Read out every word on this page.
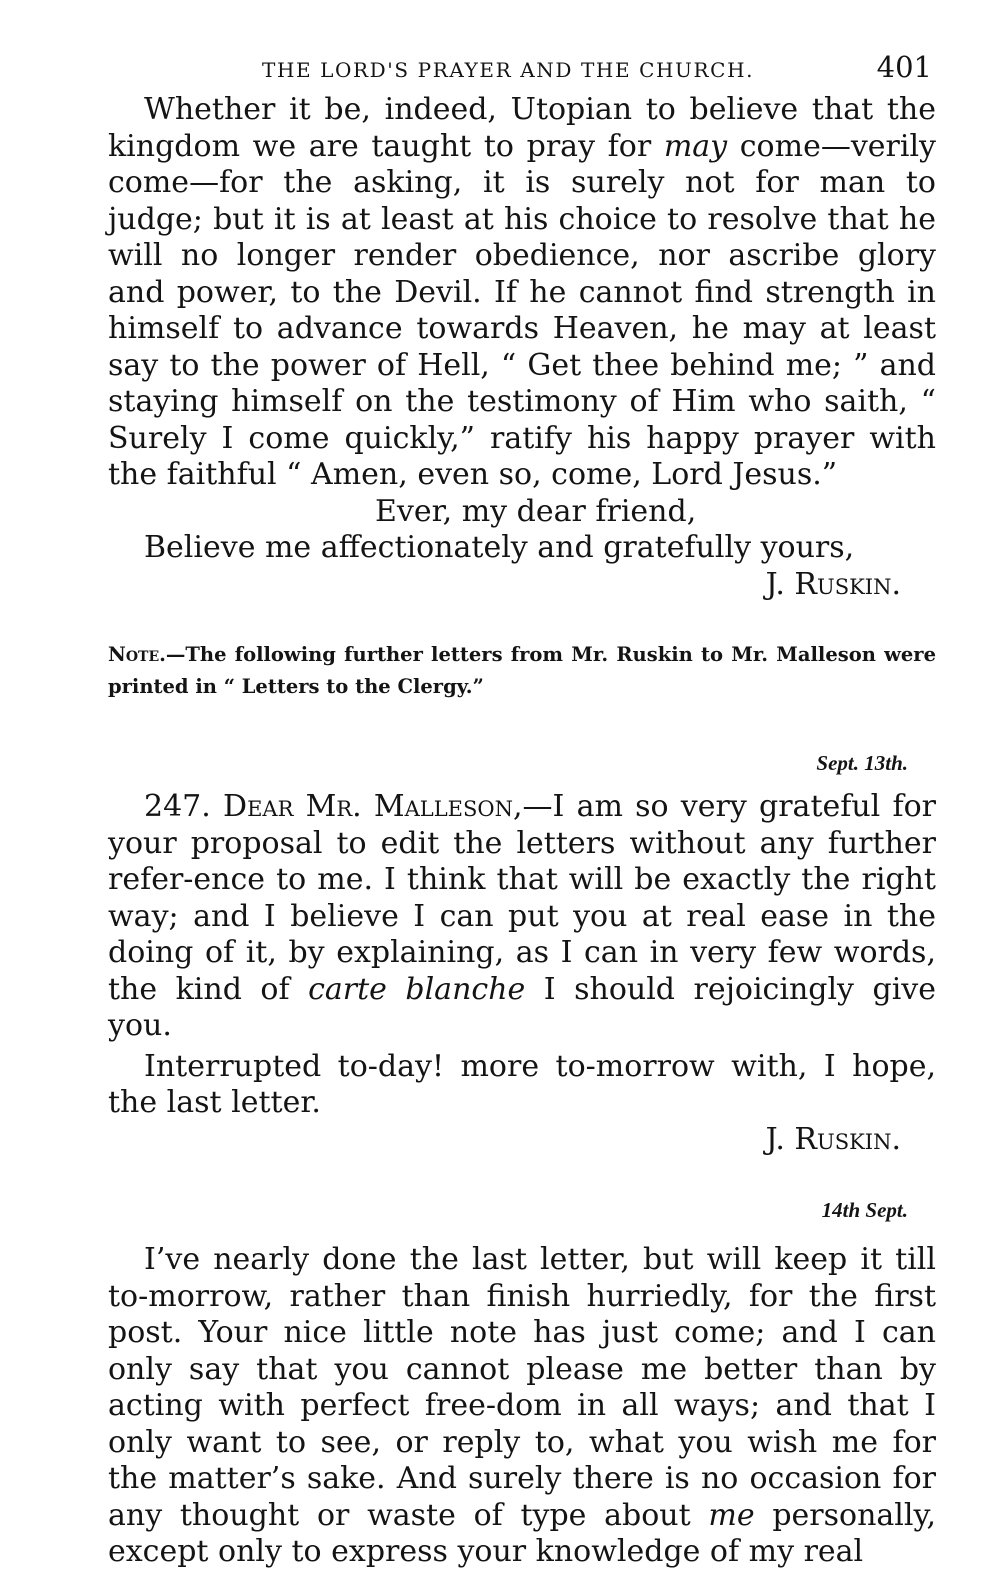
THE LORD'S PRAYER AND THE CHURCH.	401

Whether it be, indeed, Utopian to believe that the kingdom we are taught to pray for may come—verily come—for the asking, it is surely not for man to judge; but it is at least at his choice to resolve that he will no longer render obedience, nor ascribe glory and power, to the Devil. If he cannot find strength in himself to advance towards Heaven, he may at least say to the power of Hell, “ Get thee behind me; ” and staying himself on the testimony of Him who saith, “ Surely I come quickly,” ratify his happy prayer with the faithful “ Amen, even so, come, Lord Jesus.”

Ever, my dear friend,
Believe me affectionately and gratefully yours,
J. Ruskin.
Note.—The following further letters from Mr. Ruskin to Mr. Malleson were printed in “ Letters to the Clergy.”
Sept. 13th.

247. Dear Mr. Malleson,—I am so very grateful for your proposal to edit the letters without any further refer-ence to me. I think that will be exactly the right way; and I believe I can put you at real ease in the doing of it, by explaining, as I can in very few words, the kind of carte blanche I should rejoicingly give you.

Interrupted to-day! more to-morrow with, I hope, the last letter.

J. Ruskin.
14th Sept.

I’ve nearly done the last letter, but will keep it till to-morrow, rather than finish hurriedly, for the first post. Your nice little note has just come; and I can only say that you cannot please me better than by acting with perfect free-dom in all ways; and that I only want to see, or reply to, what you wish me for the matter’s sake. And surely there is no occasion for any thought or waste of type about me personally, except only to express your knowledge of my real
